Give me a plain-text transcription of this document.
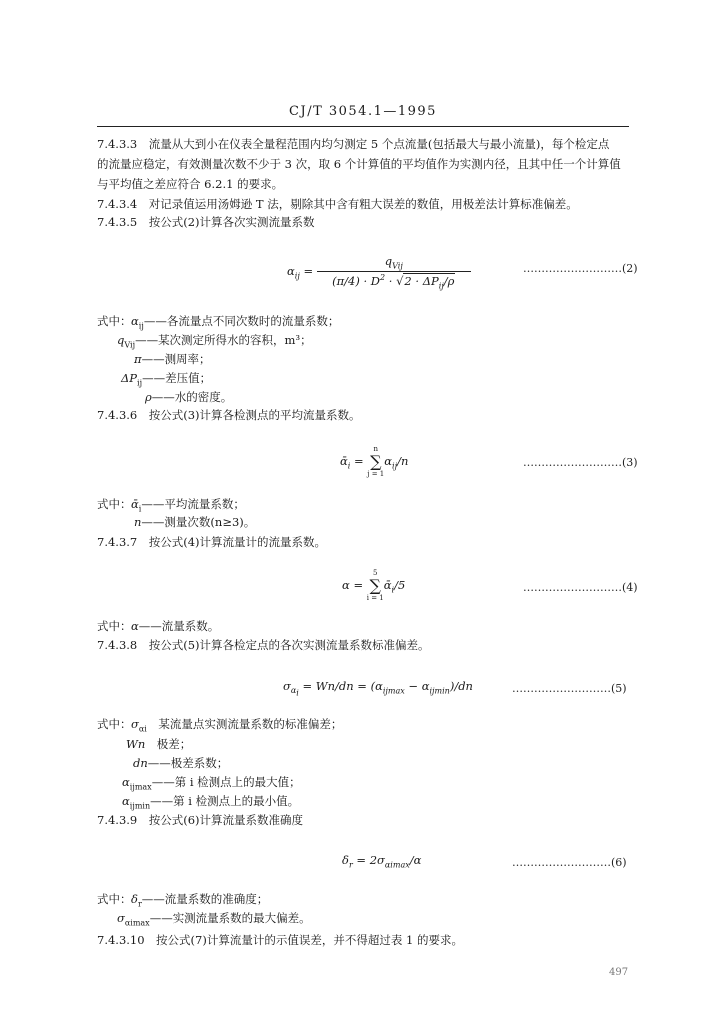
CJ/T 3054.1—1995
7.4.3.3　流量从大到小在仪表全量程范围内均匀测定 5 个点流量(包括最大与最小流量)，每个检定点
的流量应稳定，有效测量次数不少于 3 次，取 6 个计算值的平均值作为实测内径，且其中任一个计算值
与平均值之差应符合 6.2.1 的要求。
7.4.3.4　对记录值运用汤姆逊 T 法，剔除其中含有粗大误差的数值，用极差法计算标准偏差。
7.4.3.5　按公式(2)计算各次实测流量系数
$\alpha_{ij} = \frac{q_{Vij}}{(\pi/4) \cdot D^2 \cdot √2 \cdot \Delta P_{ij}/\rho}$	………………………(2)
式中： $\alpha_{ij}——$各流量点不同次数时的流量系数；
$q_{Vij}——$某次测定所得水的容积，m³；
π——测周率；
$\Delta P_{ij}——$差压值；
ρ——水的密度。
7.4.3.6　按公式(3)计算各检测点的平均流量系数。
ᾱ$_i$ =
n
∑
j = 1
$\alpha_{ij}/n$	………………………(3)
式中： ᾱ$_i$——平均流量系数；
n——测量次数(n≥3)。
7.4.3.7　按公式(4)计算流量计的流量系数。
α =
5
∑
i = 1
ᾱ$_i$/5	………………………(4)
式中： α——流量系数。
7.4.3.8　按公式(5)计算各检定点的各次实测流量系数标准偏差。
$\sigma_{\alpha_i} = Wn/dn = (\alpha_{ijmax} - \alpha_{ijmin})/dn$	………………………(5)
式中： $\sigma_{\alpha i}$　某流量点实测流量系数的标准偏差；
Wn　极差；
dn——极差系数；
$\alpha_{ijmax}——$第 i 检测点上的最大值；
$\alpha_{ijmin}——$第 i 检测点上的最小值。
7.4.3.9　按公式(6)计算流量系数准确度
$\delta_r = 2\sigma_{\alpha imax}/\alpha$	………………………(6)
式中： $\delta_r——$流量系数的准确度；
$\sigma_{\alpha imax}——$实测流量系数的最大偏差。
7.4.3.10　按公式(7)计算流量计的示值误差，并不得超过表 1 的要求。
497
